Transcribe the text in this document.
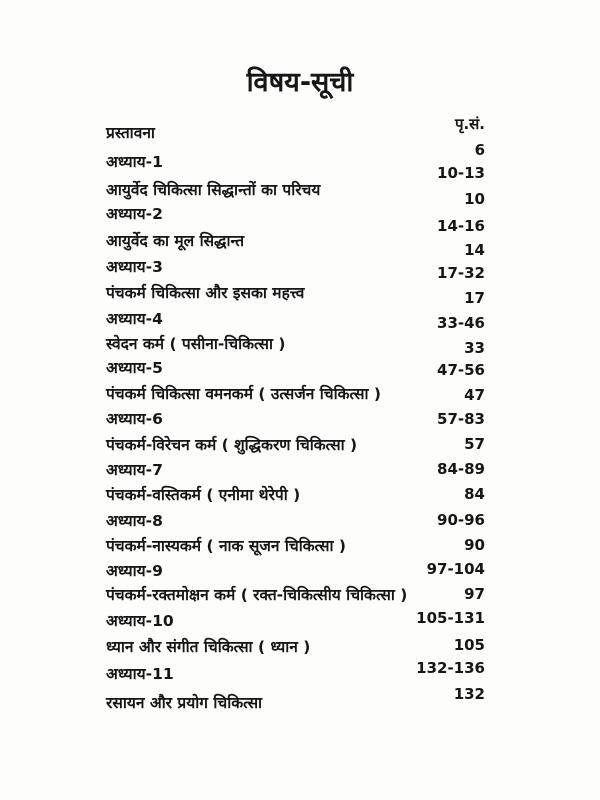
विषय-सूची
पृ.सं.
प्रस्तावना
6
अध्याय-1
आयुर्वेद चिकित्सा सिद्धान्तों का परिचय
10-13
10
अध्याय-2
आयुर्वेद का मूल सिद्धान्त
14-16
14
अध्याय-3
पंचकर्म चिकित्सा और इसका महत्त्व
17-32
17
अध्याय-4
स्वेदन कर्म ( पसीना-चिकित्सा )
33-46
33
अध्याय-5
पंचकर्म चिकित्सा वमनकर्म ( उत्सर्जन चिकित्सा )
47-56
47
अध्याय-6
पंचकर्म-विरेचन कर्म ( शुद्धिकरण चिकित्सा )
57-83
57
अध्याय-7
पंचकर्म-वस्तिकर्म ( एनीमा थेरेपी )
84-89
84
अध्याय-8
पंचकर्म-नास्यकर्म ( नाक सूजन चिकित्सा )
90-96
90
अध्याय-9
पंचकर्म-रक्तमोक्षन कर्म ( रक्त-चिकित्सीय चिकित्सा )
97-104
97
अध्याय-10
ध्यान और संगीत चिकित्सा ( ध्यान )
105-131
105
अध्याय-11
रसायन और प्रयोग चिकित्सा
132-136
132
